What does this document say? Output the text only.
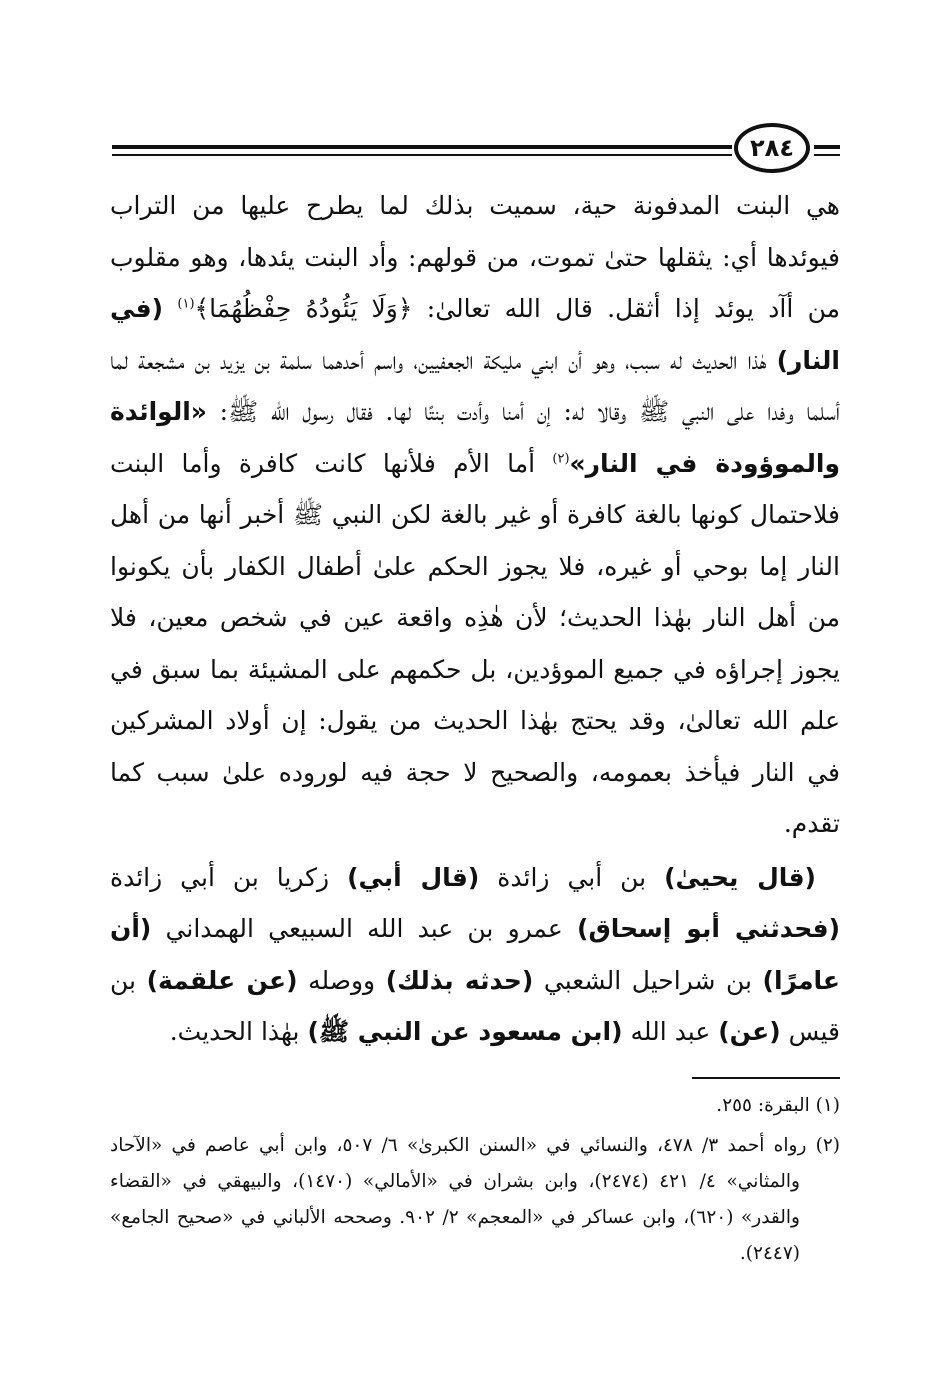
٢٨٤

هي البنت المدفونة حية، سميت بذلك لما يطرح عليها من التراب فيوئدها أي: يثقلها حتىٰ تموت، من قولهم: وأد البنت يئدها، وهو مقلوب من أآد يوئد إذا أثقل. قال الله تعالىٰ: ﴿وَلَا يَئُودُهُ حِفْظُهُمَا﴾$^{(١)}$ (في النار) هٰذا الحديث له سبب، وهو أن ابني مليكة الجعفيين، واسم أحدهما سلمة بن يزيد بن مشجعة لما أسلما وفدا على النبي ﷺ وقالا له: إن أمنا وأدت بنتًا لها. فقال رسول الله ﷺ: «الوائدة والموؤودة في النار»$^{(٢)}$ أما الأم فلأنها كانت كافرة وأما البنت فلاحتمال كونها بالغة كافرة أو غير بالغة لكن النبي ﷺ أخبر أنها من أهل النار إما بوحي أو غيره، فلا يجوز الحكم علىٰ أطفال الكفار بأن يكونوا من أهل النار بهٰذا الحديث؛ لأن هٰذِه واقعة عين في شخص معين، فلا يجوز إجراؤه في جميع الموؤدين، بل حكمهم على المشيئة بما سبق في علم الله تعالىٰ، وقد يحتج بهٰذا الحديث من يقول: إن أولاد المشركين في النار فيأخذ بعمومه، والصحيح لا حجة فيه لوروده علىٰ سبب كما تقدم.

(قال يحيىٰ) بن أبي زائدة (قال أبي) زكريا بن أبي زائدة (فحدثني أبو إسحاق) عمرو بن عبد الله السبيعي الهمداني (أن عامرًا) بن شراحيل الشعبي (حدثه بذلك) ووصله (عن علقمة) بن قيس (عن) عبد الله (ابن مسعود عن النبي ﷺ) بهٰذا الحديث.

(١) البقرة: ٢٥٥.

(٢) رواه أحمد ٣/ ٤٧٨، والنسائي في «السنن الكبرىٰ» ٦/ ٥٠٧، وابن أبي عاصم في «الآحاد والمثاني» ٤/ ٤٢١ (٢٤٧٤)، وابن بشران في «الأمالي» (١٤٧٠)، والبيهقي في «القضاء والقدر» (٦٢٠)، وابن عساكر في «المعجم» ٢/ ٩٠٢. وصححه الألباني في «صحيح الجامع» (٢٤٤٧).
